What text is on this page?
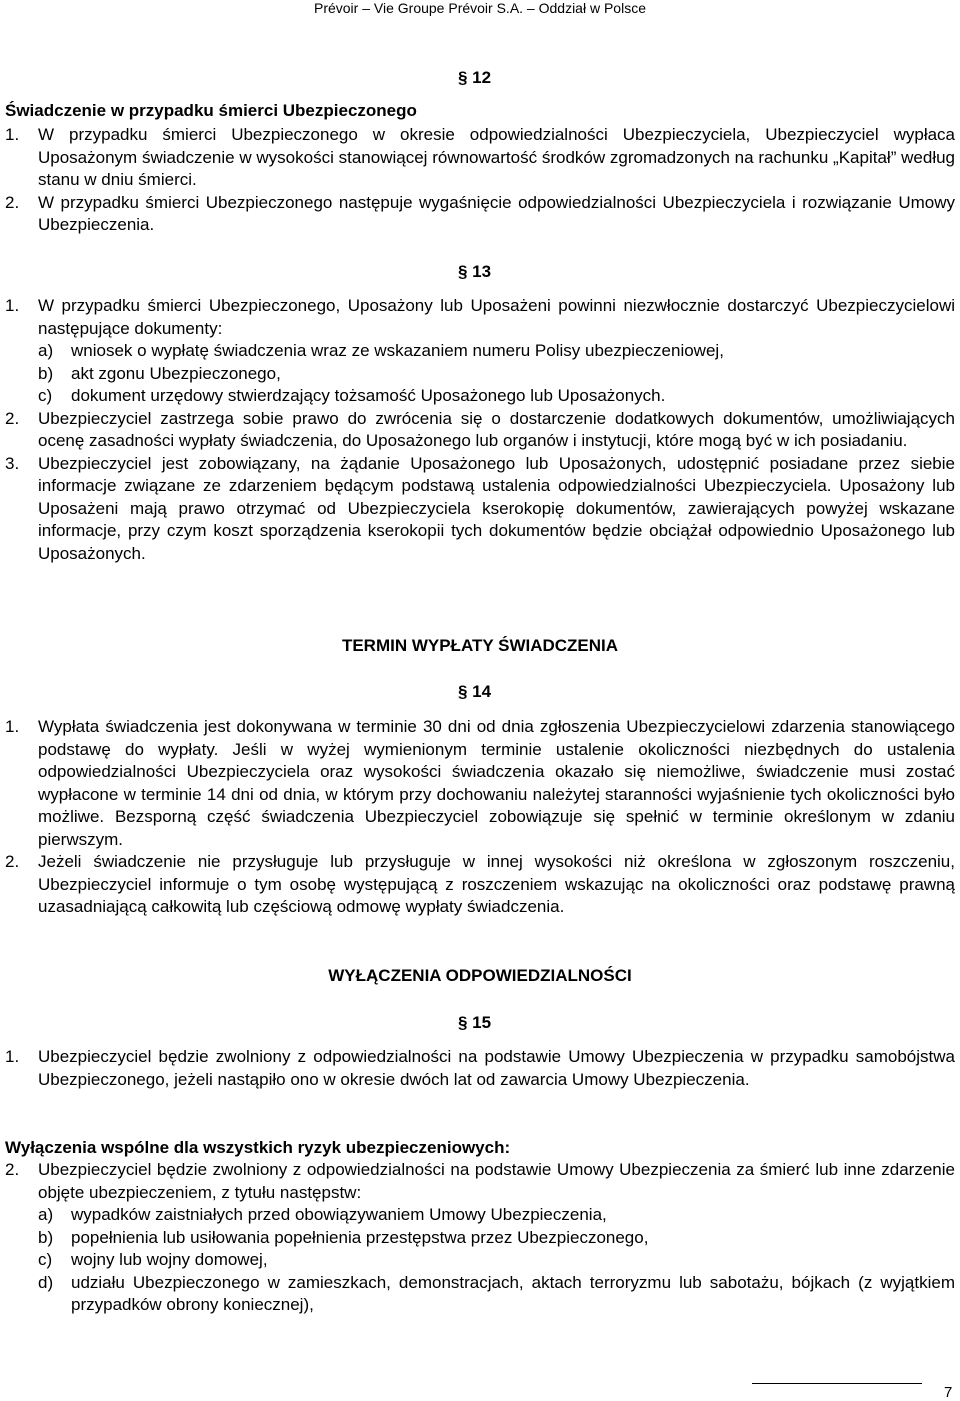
Prévoir – Vie Groupe Prévoir S.A. – Oddział w Polsce
§ 12
Świadczenie w przypadku śmierci Ubezpieczonego
1. W przypadku śmierci Ubezpieczonego w okresie odpowiedzialności Ubezpieczyciela, Ubezpieczyciel wypłaca Uposażonym świadczenie w wysokości stanowiącej równowartość środków zgromadzonych na rachunku „Kapitał” według stanu w dniu śmierci.
2. W przypadku śmierci Ubezpieczonego następuje wygaśnięcie odpowiedzialności Ubezpieczyciela i rozwiązanie Umowy Ubezpieczenia.
§ 13
1. W przypadku śmierci Ubezpieczonego, Uposażony lub Uposażeni powinni niezwłocznie dostarczyć Ubezpieczycielowi następujące dokumenty:
a) wniosek o wypłatę świadczenia wraz ze wskazaniem numeru Polisy ubezpieczeniowej,
b) akt zgonu Ubezpieczonego,
c) dokument urzędowy stwierdzający tożsamość Uposażonego lub Uposażonych.
2. Ubezpieczyciel zastrzega sobie prawo do zwrócenia się o dostarczenie dodatkowych dokumentów, umożliwiających ocenę zasadności wypłaty świadczenia, do Uposażonego lub organów i instytucji, które mogą być w ich posiadaniu.
3. Ubezpieczyciel jest zobowiązany, na żądanie Uposażonego lub Uposażonych, udostępnić posiadane przez siebie informacje związane ze zdarzeniem będącym podstawą ustalenia odpowiedzialności Ubezpieczyciela. Uposażony lub Uposażeni mają prawo otrzymać od Ubezpieczyciela kserokopię dokumentów, zawierających powyżej wskazane informacje, przy czym koszt sporządzenia kserokopii tych dokumentów będzie obciążał odpowiednio Uposażonego lub Uposażonych.
TERMIN WYPŁATY ŚWIADCZENIA
§ 14
1. Wypłata świadczenia jest dokonywana w terminie 30 dni od dnia zgłoszenia Ubezpieczycielowi zdarzenia stanowiącego podstawę do wypłaty. Jeśli w wyżej wymienionym terminie ustalenie okoliczności niezbędnych do ustalenia odpowiedzialności Ubezpieczyciela oraz wysokości świadczenia okazało się niemożliwe, świadczenie musi zostać wypłacone w terminie 14 dni od dnia, w którym przy dochowaniu należytej staranności wyjaśnienie tych okoliczności było możliwe. Bezsporną część świadczenia Ubezpieczyciel zobowiązuje się spełnić w terminie określonym w zdaniu pierwszym.
2. Jeżeli świadczenie nie przysługuje lub przysługuje w innej wysokości niż określona w zgłoszonym roszczeniu, Ubezpieczyciel informuje o tym osobę występującą z roszczeniem wskazując na okoliczności oraz podstawę prawną uzasadniającą całkowitą lub częściową odmowę wypłaty świadczenia.
WYŁĄCZENIA ODPOWIEDZIALNOŚCI
§ 15
1. Ubezpieczyciel będzie zwolniony z odpowiedzialności na podstawie Umowy Ubezpieczenia w przypadku samobójstwa Ubezpieczonego, jeżeli nastąpiło ono w okresie dwóch lat od zawarcia Umowy Ubezpieczenia.
Wyłączenia wspólne dla wszystkich ryzyk ubezpieczeniowych:
2. Ubezpieczyciel będzie zwolniony z odpowiedzialności na podstawie Umowy Ubezpieczenia za śmierć lub inne zdarzenie objęte ubezpieczeniem, z tytułu następstw:
a) wypadków zaistniałych przed obowiązywaniem Umowy Ubezpieczenia,
b) popełnienia lub usiłowania popełnienia przestępstwa przez Ubezpieczonego,
c) wojny lub wojny domowej,
d) udziału Ubezpieczonego w zamieszkach, demonstracjach, aktach terroryzmu lub sabotażu, bójkach (z wyjątkiem przypadków obrony koniecznej),
7
